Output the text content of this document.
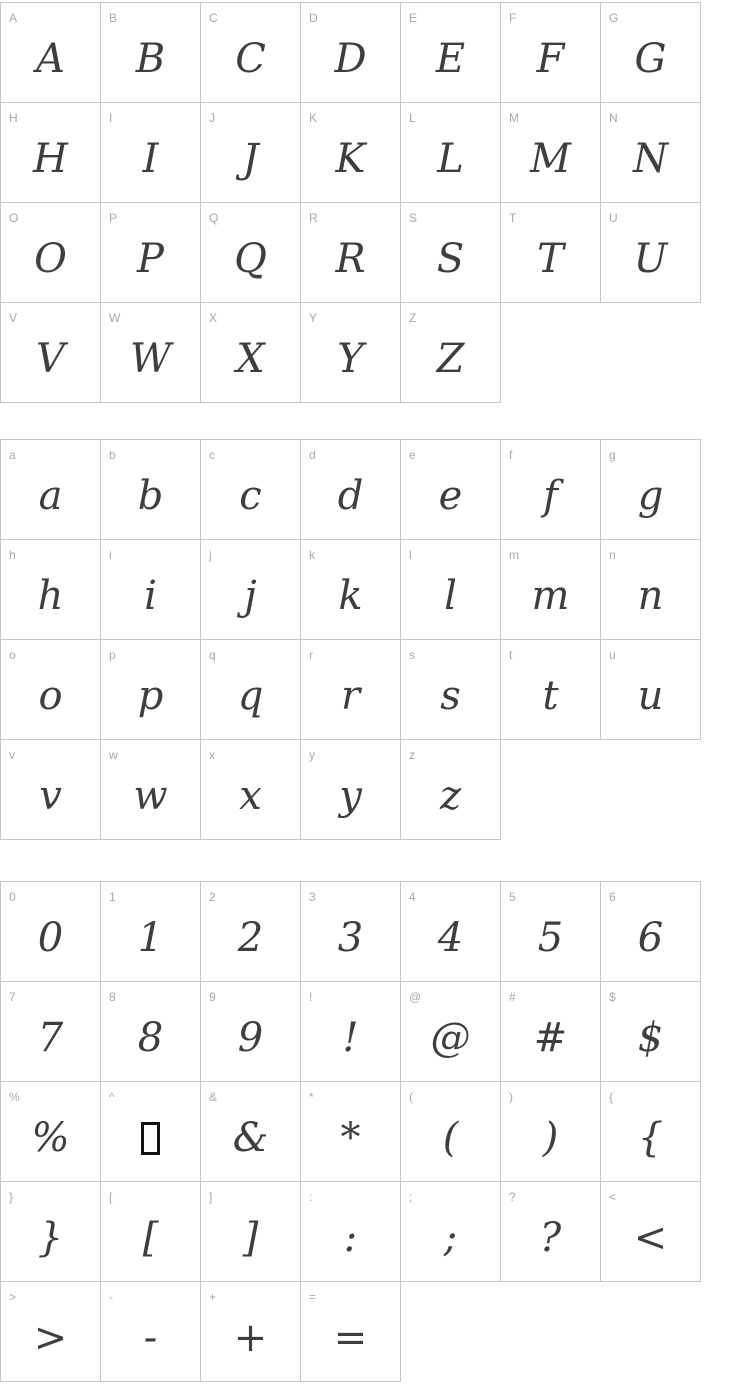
A
A
B
B
C
C
D
D
E
E
F
F
G
G
H
H
I
I
J
J
K
K
L
L
M
M
N
N
O
O
P
P
Q
Q
R
R
S
S
T
T
U
U
V
V
W
W
X
X
Y
Y
Z
Z
a
a
b
b
c
c
d
d
e
e
f
f
g
g
h
h
i
i
j
j
k
k
l
l
m
m
n
n
o
o
p
p
q
q
r
r
s
s
t
t
u
u
v
v
w
w
x
x
y
y
z
z
0
0
1
1
2
2
3
3
4
4
5
5
6
6
7
7
8
8
9
9
!
!
@
@
#
#
$
$
%
%
^	&
&
*
*
(
(
)
)
{
{
}
}
[
[
]
]
:
:
;
;
?
?
<
<
>
>
-
-
+
+
=
=
